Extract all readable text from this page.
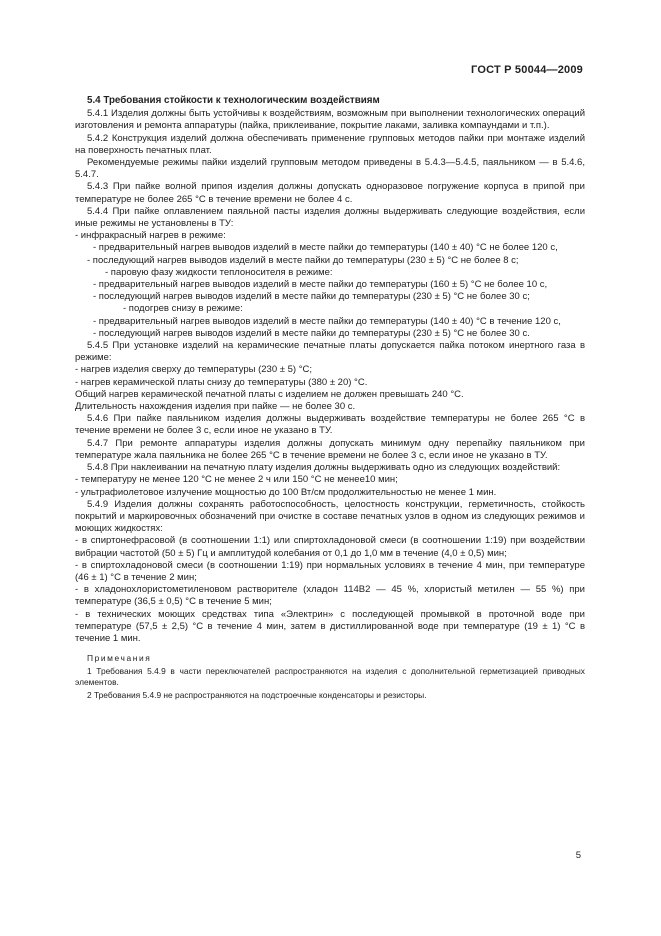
ГОСТ Р 50044—2009

5.4 Требования стойкости к технологическим воздействиям

5.4.1 Изделия должны быть устойчивы к воздействиям, возможным при выполнении технологических операций изготовления и ремонта аппаратуры (пайка, приклеивание, покрытие лаками, заливка компаундами и т.п.).

5.4.2 Конструкция изделий должна обеспечивать применение групповых методов пайки при монтаже изделий на поверхность печатных плат.

Рекомендуемые режимы пайки изделий групповым методом приведены в 5.4.3—5.4.5, паяльником — в 5.4.6, 5.4.7.

5.4.3 При пайке волной припоя изделия должны допускать одноразовое погружение корпуса в припой при температуре не более 265 °С в течение времени не более 4 с.

5.4.4 При пайке оплавлением паяльной пасты изделия должны выдерживать следующие воздействия, если иные режимы не установлены в ТУ:

- инфракрасный нагрев в режиме:

- предварительный нагрев выводов изделий в месте пайки до температуры (140 ± 40) °С не более 120 с,

- последующий нагрев выводов изделий в месте пайки до температуры (230 ± 5) °С не более 8 с;

- паровую фазу жидкости теплоносителя в режиме:

- предварительный нагрев выводов изделий в месте пайки до температуры (160 ± 5) °С не более 10 с,

- последующий нагрев выводов изделий в месте пайки до температуры (230 ± 5) °С не более 30 с;

- подогрев снизу в режиме:

- предварительный нагрев выводов изделий в месте пайки до температуры (140 ± 40) °С в течение 120 с,

- последующий нагрев выводов изделий в месте пайки до температуры (230 ± 5) °С не более 30 с.

5.4.5 При установке изделий на керамические печатные платы допускается пайка потоком инертного газа в режиме:

- нагрев изделия сверху до температуры (230 ± 5) °С;

- нагрев керамической платы снизу до температуры (380 ± 20) °С.

Общий нагрев керамической печатной платы с изделием не должен превышать 240 °С.

Длительность нахождения изделия при пайке — не более 30 с.

5.4.6 При пайке паяльником изделия должны выдерживать воздействие температуры не более 265 °С в течение времени не более 3 с, если иное не указано в ТУ.

5.4.7 При ремонте аппаратуры изделия должны допускать минимум одну перепайку паяльником при температуре жала паяльника не более 265 °С в течение времени не более 3 с, если иное не указано в ТУ.

5.4.8 При наклеивании на печатную плату изделия должны выдерживать одно из следующих воздействий:

- температуру не менее 120 °С не менее 2 ч или 150 °С не менее10 мин;

- ультрафиолетовое излучение мощностью до 100 Вт/см продолжительностью не менее 1 мин.

5.4.9 Изделия должны сохранять работоспособность, целостность конструкции, герметичность, стойкость покрытий и маркировочных обозначений при очистке в составе печатных узлов в одном из следующих режимов и моющих жидкостях:

- в спиртонефрасовой (в соотношении 1:1) или спиртохладоновой смеси (в соотношении 1:19) при воздействии вибрации частотой (50 ± 5) Гц и амплитудой колебания от 0,1 до 1,0 мм в течение (4,0 ± 0,5) мин;

- в спиртохладоновой смеси (в соотношении 1:19) при нормальных условиях в течение 4 мин, при температуре (46 ± 1) °С в течение 2 мин;

- в хладонохлористометиленовом растворителе (хладон 114В2 — 45 %, хлористый метилен — 55 %) при температуре (36,5 ± 0,5) °С в течение 5 мин;

- в технических моющих средствах типа «Электрин» с последующей промывкой в проточной воде при температуре (57,5 ± 2,5) °С в течение 4 мин, затем в дистиллированной воде при температуре (19 ± 1) °С в течение 1 мин.

Примечания

1 Требования 5.4.9 в части переключателей распространяются на изделия с дополнительной герметизацией приводных элементов.

2 Требования 5.4.9 не распространяются на подстроечные конденсаторы и резисторы.

5
